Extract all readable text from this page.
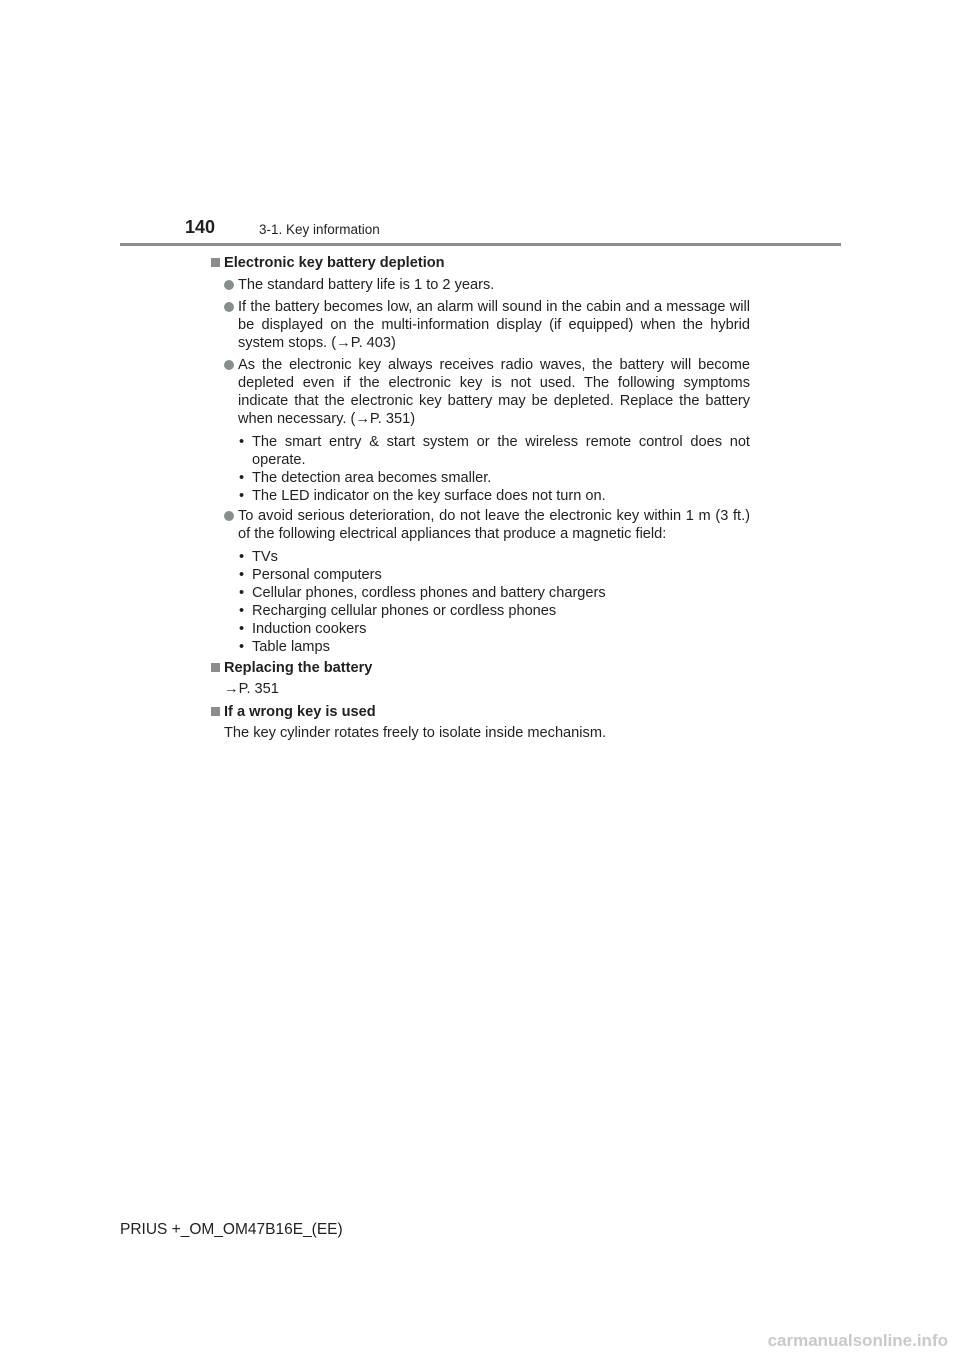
140	3-1. Key information
Electronic key battery depletion
The standard battery life is 1 to 2 years.
If the battery becomes low, an alarm will sound in the cabin and a message will be displayed on the multi-information display (if equipped) when the hybrid system stops. (→P. 403)
As the electronic key always receives radio waves, the battery will become depleted even if the electronic key is not used. The following symptoms indicate that the electronic key battery may be depleted. Replace the battery when necessary. (→P. 351)
• The smart entry & start system or the wireless remote control does not operate.
• The detection area becomes smaller.
• The LED indicator on the key surface does not turn on.
To avoid serious deterioration, do not leave the electronic key within 1 m (3 ft.) of the following electrical appliances that produce a magnetic field:
• TVs
• Personal computers
• Cellular phones, cordless phones and battery chargers
• Recharging cellular phones or cordless phones
• Induction cookers
• Table lamps
Replacing the battery
→P. 351
If a wrong key is used
The key cylinder rotates freely to isolate inside mechanism.
PRIUS +_OM_OM47B16E_(EE)
carmanualsonline.info
